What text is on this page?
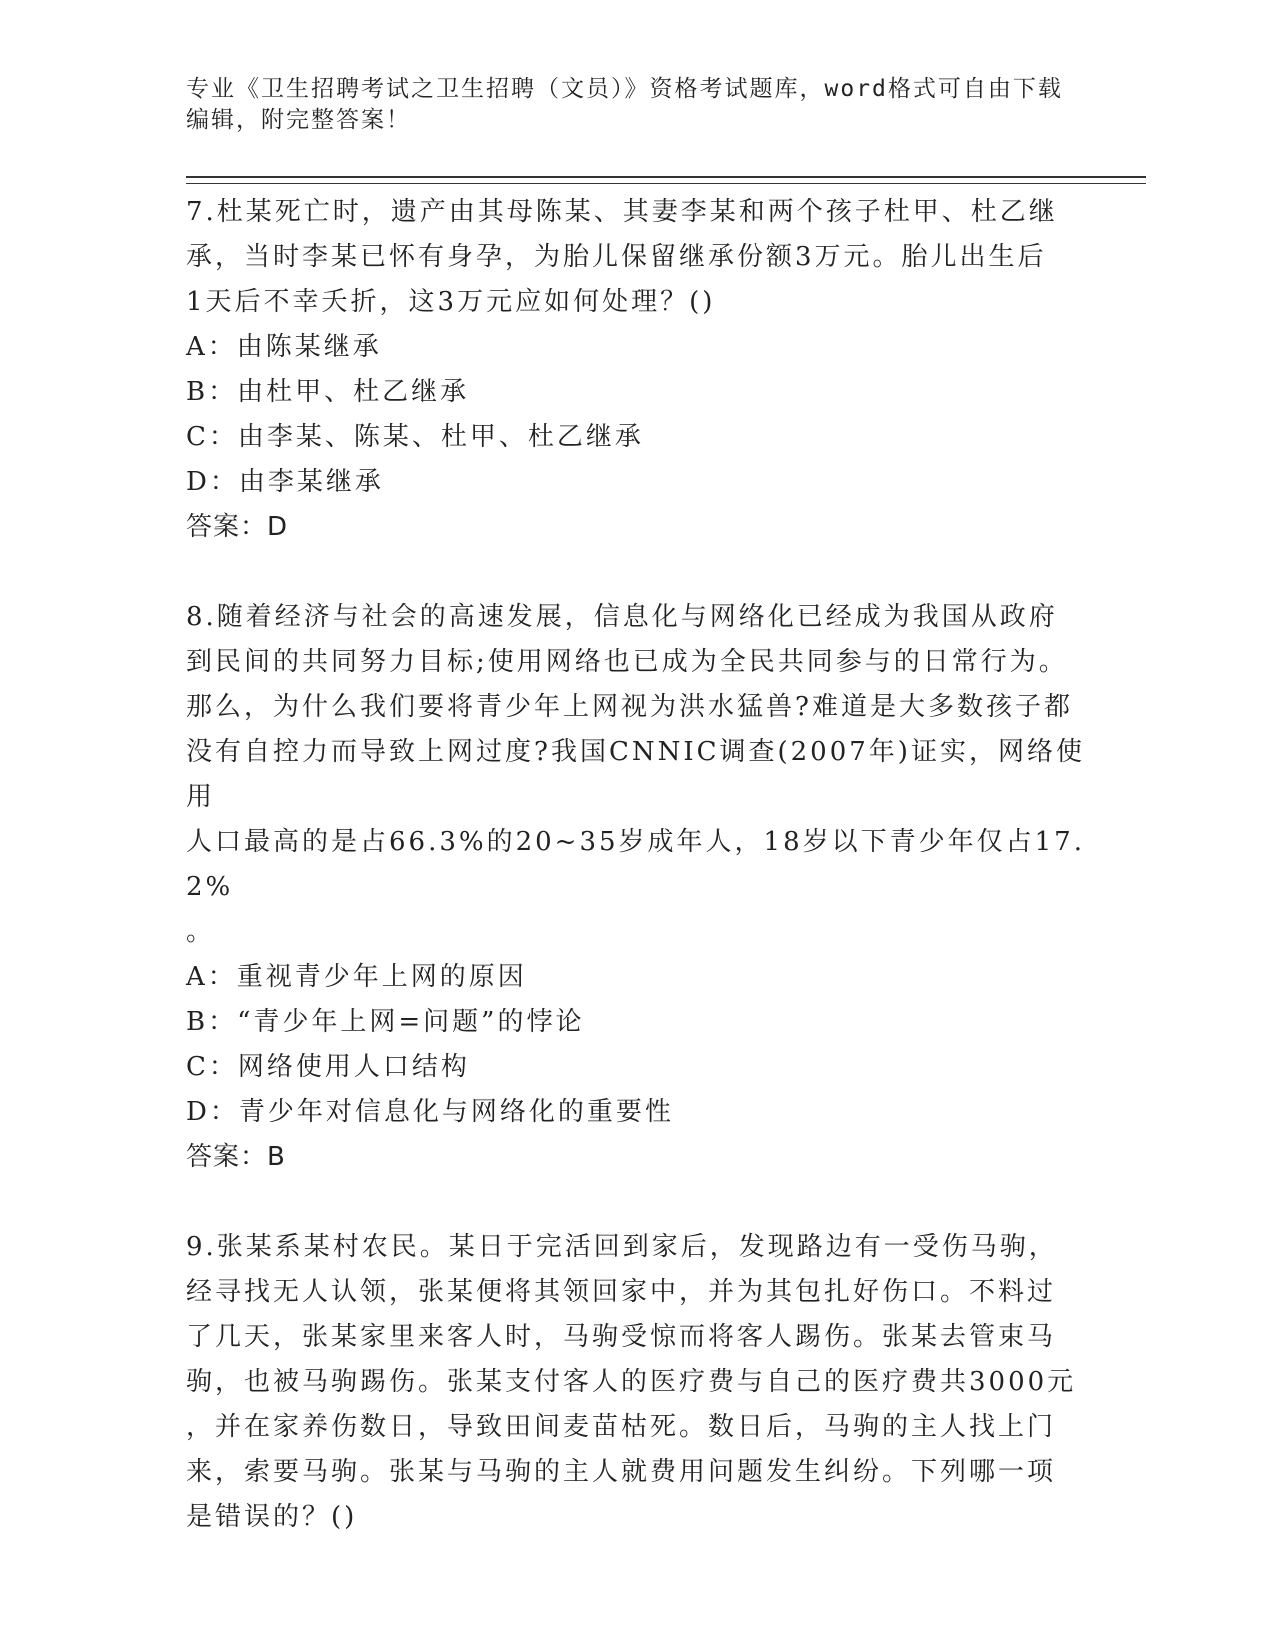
专业《卫生招聘考试之卫生招聘（文员）》资格考试题库，word格式可自由下载
编辑，附完整答案！

7.杜某死亡时，遗产由其母陈某、其妻李某和两个孩子杜甲、杜乙继

承，当时李某已怀有身孕，为胎儿保留继承份额3万元。胎儿出生后

1天后不幸夭折，这3万元应如何处理？()

A：由陈某继承

B：由杜甲、杜乙继承

C：由李某、陈某、杜甲、杜乙继承

D：由李某继承

答案：D

8.随着经济与社会的高速发展，信息化与网络化已经成为我国从政府

到民间的共同努力目标;使用网络也已成为全民共同参与的日常行为。

那么，为什么我们要将青少年上网视为洪水猛兽?难道是大多数孩子都

没有自控力而导致上网过度?我国CNNIC调查(2007年)证实，网络使用

人口最高的是占66.3%的20~35岁成年人，18岁以下青少年仅占17.2%

。

A：重视青少年上网的原因

B：“青少年上网=问题”的悖论

C：网络使用人口结构

D：青少年对信息化与网络化的重要性

答案：B

9.张某系某村农民。某日于完活回到家后，发现路边有一受伤马驹，

经寻找无人认领，张某便将其领回家中，并为其包扎好伤口。不料过

了几天，张某家里来客人时，马驹受惊而将客人踢伤。张某去管束马

驹，也被马驹踢伤。张某支付客人的医疗费与自己的医疗费共3000元

，并在家养伤数日，导致田间麦苗枯死。数日后，马驹的主人找上门

来，索要马驹。张某与马驹的主人就费用问题发生纠纷。下列哪一项

是错误的？()
